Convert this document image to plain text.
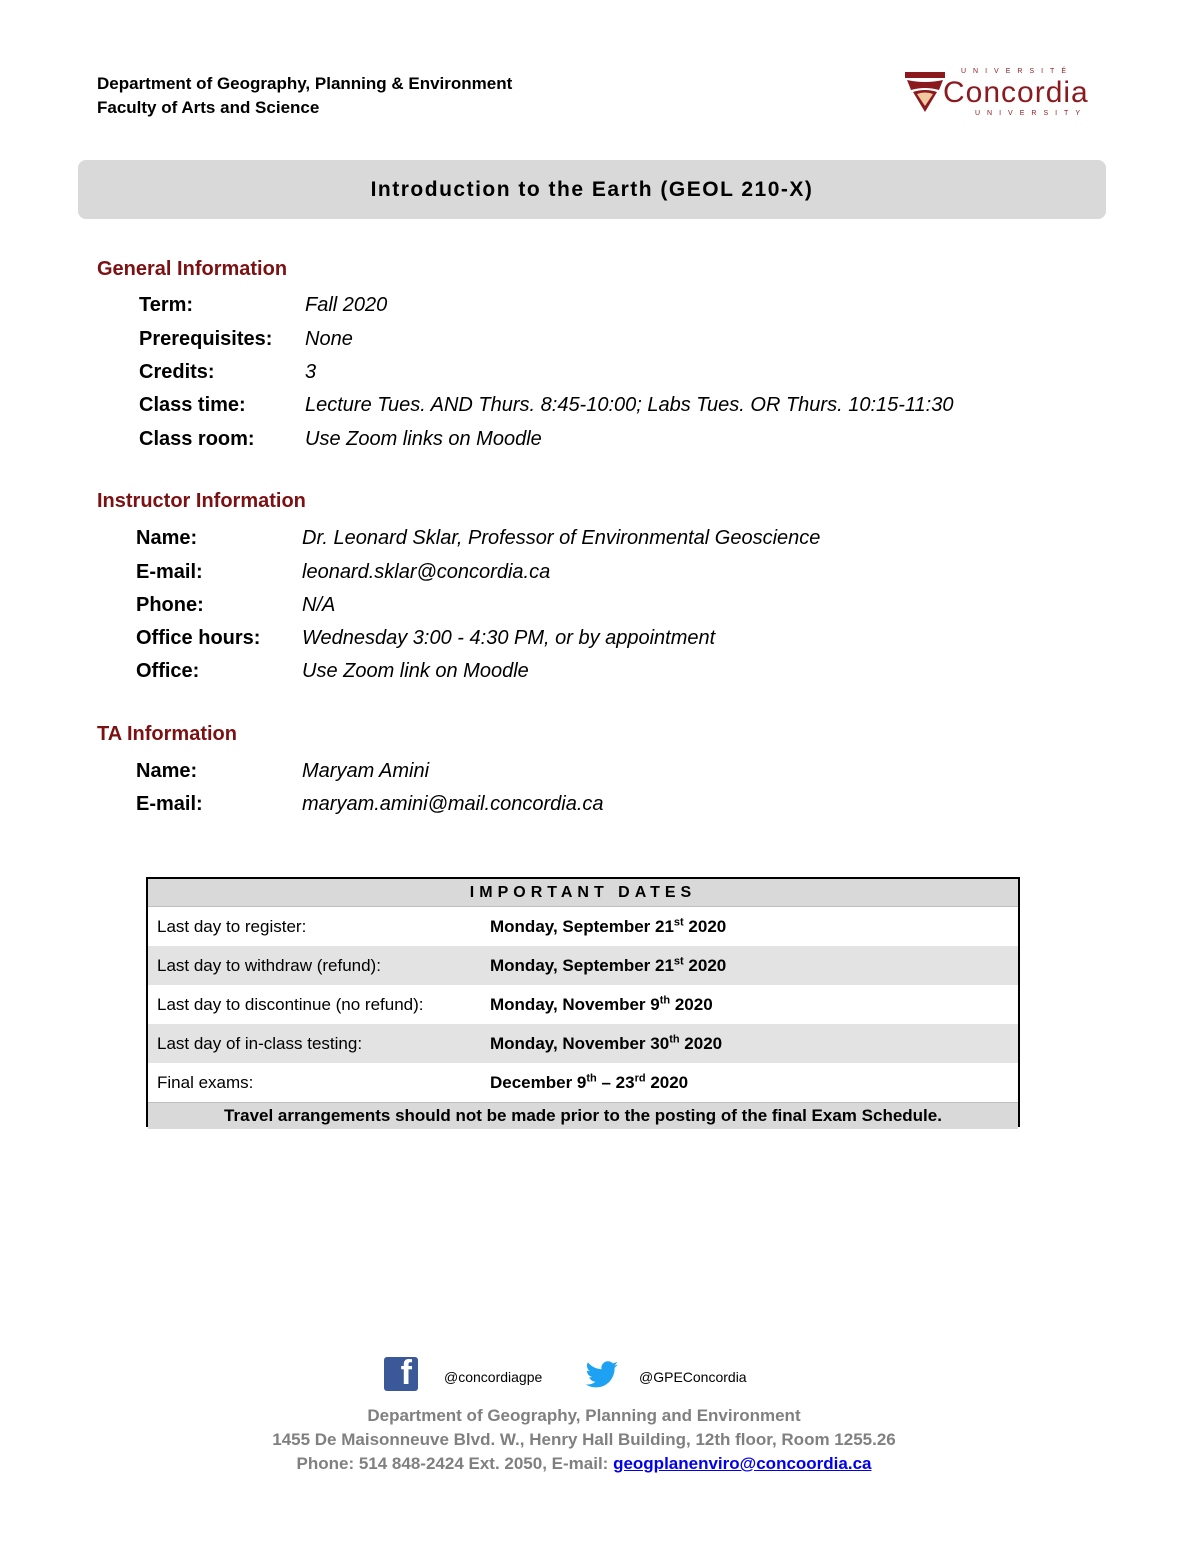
Department of Geography, Planning & Environment
Faculty of Arts and Science
UNIVERSITÉ
Concordia
UNIVERSITY
Introduction to the Earth (GEOL 210-X)
General Information
Term:	Fall 2020
Prerequisites: None
Credits:	3
Class time:	Lecture Tues. AND Thurs. 8:45-10:00; Labs Tues. OR Thurs. 10:15-11:30
Class room:	Use Zoom links on Moodle
Instructor Information
Name:	Dr. Leonard Sklar, Professor of Environmental Geoscience
E-mail:	leonard.sklar@concordia.ca
Phone:	N/A
Office hours: Wednesday 3:00 - 4:30 PM, or by appointment
Office:	Use Zoom link on Moodle
TA Information
Name:	Maryam Amini
E-mail:	maryam.amini@mail.concordia.ca
IMPORTANT DATES
Last day to register:	Monday, September 21st 2020
Last day to withdraw (refund):	Monday, September 21st 2020
Last day to discontinue (no refund):	Monday, November 9th 2020
Last day of in-class testing:	Monday, November 30th 2020
Final exams:	December 9th – 23rd 2020
Travel arrangements should not be made prior to the posting of the final Exam Schedule.
f @concordiagpe	@GPEConcordia
Department of Geography, Planning and Environment
1455 De Maisonneuve Blvd. W., Henry Hall Building, 12th floor, Room 1255.26
Phone: 514 848-2424 Ext. 2050, E-mail: geogplanenviro@concoordia.ca
